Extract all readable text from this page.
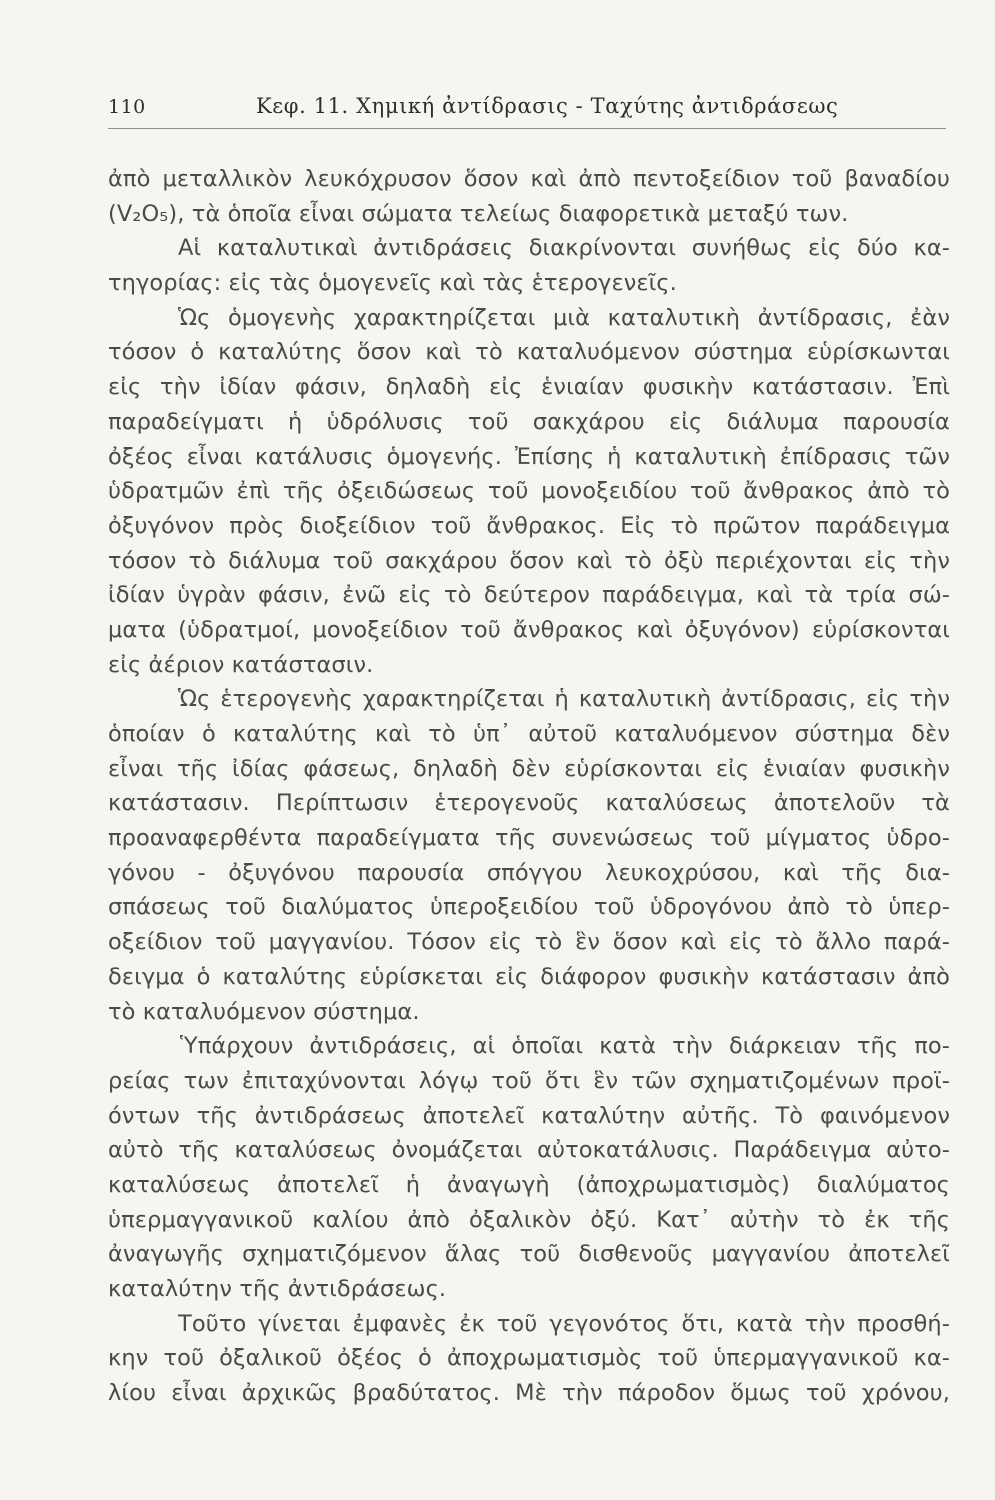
110	Κεφ. 11. Χημική ἀντίδρασις - Ταχύτης ἀντιδράσεως
ἀπὸ μεταλλικὸν λευκόχρυσον ὅσον καὶ ἀπὸ πεντοξείδιον τοῦ βαναδίου
(V₂O₅), τὰ ὁποῖα εἶναι σώματα τελείως διαφορετικὰ μεταξύ των.
Αἱ καταλυτικαὶ ἀντιδράσεις διακρίνονται συνήθως εἰς δύο κα-
τηγορίας: εἰς τὰς ὁμογενεῖς καὶ τὰς ἑτερογενεῖς.
Ὡς ὁμογενὴς χαρακτηρίζεται μιὰ καταλυτικὴ ἀντίδρασις, ἐὰν
τόσον ὁ καταλύτης ὅσον καὶ τὸ καταλυόμενον σύστημα εὑρίσκωνται
εἰς τὴν ἰδίαν φάσιν, δηλαδὴ εἰς ἑνιαίαν φυσικὴν κατάστασιν. Ἐπὶ
παραδείγματι ἡ ὑδρόλυσις τοῦ σακχάρου εἰς διάλυμα παρουσία
ὀξέος εἶναι κατάλυσις ὁμογενής. Ἐπίσης ἡ καταλυτικὴ ἐπίδρασις τῶν
ὑδρατμῶν ἐπὶ τῆς ὀξειδώσεως τοῦ μονοξειδίου τοῦ ἄνθρακος ἀπὸ τὸ
ὀξυγόνον πρὸς διοξείδιον τοῦ ἄνθρακος. Εἰς τὸ πρῶτον παράδειγμα
τόσον τὸ διάλυμα τοῦ σακχάρου ὅσον καὶ τὸ ὀξὺ περιέχονται εἰς τὴν
ἰδίαν ὑγρὰν φάσιν, ἐνῶ εἰς τὸ δεύτερον παράδειγμα, καὶ τὰ τρία σώ-
ματα (ὑδρατμοί, μονοξείδιον τοῦ ἄνθρακος καὶ ὀξυγόνον) εὑρίσκονται
εἰς ἀέριον κατάστασιν.
Ὡς ἑτερογενὴς χαρακτηρίζεται ἡ καταλυτικὴ ἀντίδρασις, εἰς τὴν
ὁποίαν ὁ καταλύτης καὶ τὸ ὑπ᾽ αὐτοῦ καταλυόμενον σύστημα δὲν
εἶναι τῆς ἰδίας φάσεως, δηλαδὴ δὲν εὑρίσκονται εἰς ἑνιαίαν φυσικὴν
κατάστασιν. Περίπτωσιν ἑτερογενοῦς καταλύσεως ἀποτελοῦν τὰ
προαναφερθέντα παραδείγματα τῆς συνενώσεως τοῦ μίγματος ὑδρο-
γόνου - ὀξυγόνου παρουσία σπόγγου λευκοχρύσου, καὶ τῆς δια-
σπάσεως τοῦ διαλύματος ὑπεροξειδίου τοῦ ὑδρογόνου ἀπὸ τὸ ὑπερ-
οξείδιον τοῦ μαγγανίου. Τόσον εἰς τὸ ἓν ὅσον καὶ εἰς τὸ ἄλλο παρά-
δειγμα ὁ καταλύτης εὑρίσκεται εἰς διάφορον φυσικὴν κατάστασιν ἀπὸ
τὸ καταλυόμενον σύστημα.
Ὑπάρχουν ἀντιδράσεις, αἱ ὁποῖαι κατὰ τὴν διάρκειαν τῆς πο-
ρείας των ἐπιταχύνονται λόγῳ τοῦ ὅτι ἓν τῶν σχηματιζομένων προϊ-
όντων τῆς ἀντιδράσεως ἀποτελεῖ καταλύτην αὐτῆς. Τὸ φαινόμενον
αὐτὸ τῆς καταλύσεως ὀνομάζεται αὐτοκατάλυσις. Παράδειγμα αὐτο-
καταλύσεως ἀποτελεῖ ἡ ἀναγωγὴ (ἀποχρωματισμὸς) διαλύματος
ὑπερμαγγανικοῦ καλίου ἀπὸ ὀξαλικὸν ὀξύ. Κατ᾽ αὐτὴν τὸ ἐκ τῆς
ἀναγωγῆς σχηματιζόμενον ἅλας τοῦ δισθενοῦς μαγγανίου ἀποτελεῖ
καταλύτην τῆς ἀντιδράσεως.
Τοῦτο γίνεται ἐμφανὲς ἐκ τοῦ γεγονότος ὅτι, κατὰ τὴν προσθή-
κην τοῦ ὀξαλικοῦ ὀξέος ὁ ἀποχρωματισμὸς τοῦ ὑπερμαγγανικοῦ κα-
λίου εἶναι ἀρχικῶς βραδύτατος. Μὲ τὴν πάροδον ὅμως τοῦ χρόνου,
